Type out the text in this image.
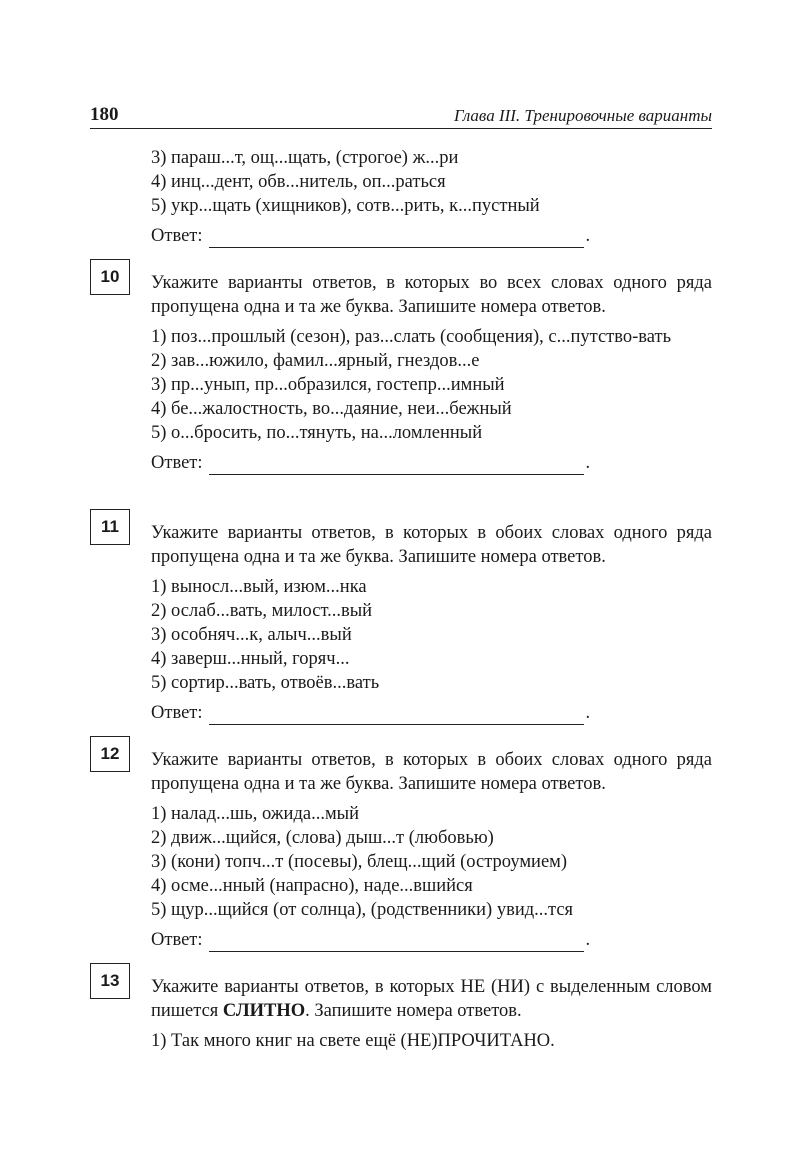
180	Глава III. Тренировочные варианты
3) параш...т, ощ...щать, (строгое) ж...ри
4) инц...дент, обв...нитель, оп...раться
5) укр...щать (хищников), сотв...рить, к...пустный
Ответ:	.
10	Укажите варианты ответов, в которых во всех словах одного ряда пропущена одна и та же буква. Запишите номера ответов.
1) поз...прошлый (сезон), раз...слать (сообщения), с...путство-вать
2) зав...южило, фамил...ярный, гнездов...е
3) пр...унып, пр...образился, гостепр...имный
4) бе...жалостность, во...даяние, неи...бежный
5) о...бросить, по...тянуть, на...ломленный
Ответ:	.
11	Укажите варианты ответов, в которых в обоих словах одного ряда пропущена одна и та же буква. Запишите номера ответов.
1) выносл...вый, изюм...нка
2) ослаб...вать, милост...вый
3) особняч...к, алыч...вый
4) заверш...нный, горяч...
5) сортир...вать, отвоёв...вать
Ответ:	.
12	Укажите варианты ответов, в которых в обоих словах одного ряда пропущена одна и та же буква. Запишите номера ответов.
1) налад...шь, ожида...мый
2) движ...щийся, (слова) дыш...т (любовью)
3) (кони) топч...т (посевы), блещ...щий (остроумием)
4) осме...нный (напрасно), наде...вшийся
5) щур...щийся (от солнца), (родственники) увид...тся
Ответ:	.
13	Укажите варианты ответов, в которых НЕ (НИ) с выделенным словом пишется СЛИТНО. Запишите номера ответов.
1) Так много книг на свете ещё (НЕ)ПРОЧИТАНО.
